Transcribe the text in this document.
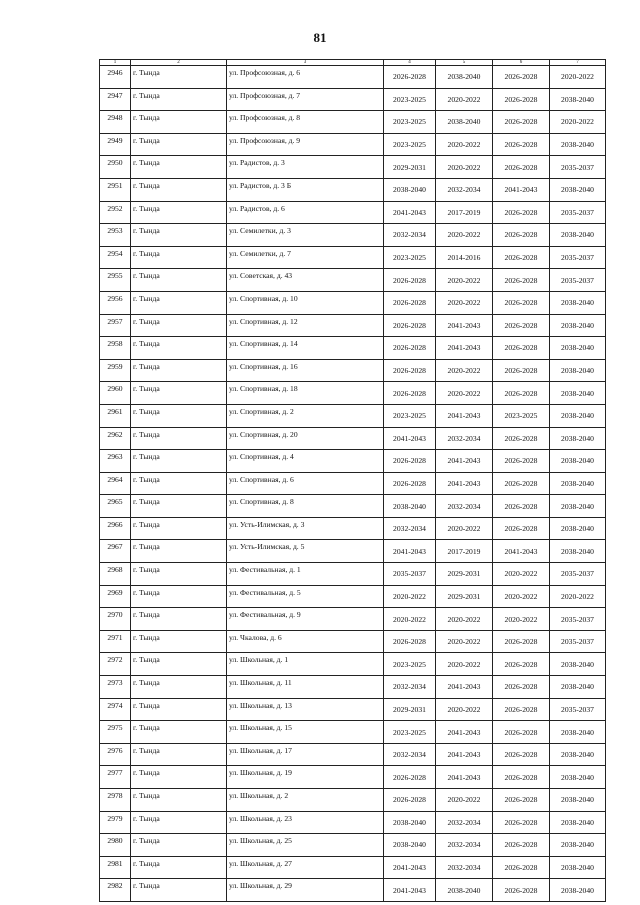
81
1	2	3	4	5	6	7
2946	г. Тында	ул. Профсоюзная, д. 6	2026-2028	2038-2040	2026-2028	2020-2022
2947	г. Тында	ул. Профсоюзная, д. 7	2023-2025	2020-2022	2026-2028	2038-2040
2948	г. Тында	ул. Профсоюзная, д. 8	2023-2025	2038-2040	2026-2028	2020-2022
2949	г. Тында	ул. Профсоюзная, д. 9	2023-2025	2020-2022	2026-2028	2038-2040
2950	г. Тында	ул. Радистов, д. 3	2029-2031	2020-2022	2026-2028	2035-2037
2951	г. Тында	ул. Радистов, д. 3 Б	2038-2040	2032-2034	2041-2043	2038-2040
2952	г. Тында	ул. Радистов, д. 6	2041-2043	2017-2019	2026-2028	2035-2037
2953	г. Тында	ул. Семилетки, д. 3	2032-2034	2020-2022	2026-2028	2038-2040
2954	г. Тында	ул. Семилетки, д. 7	2023-2025	2014-2016	2026-2028	2035-2037
2955	г. Тында	ул. Советская, д. 43	2026-2028	2020-2022	2026-2028	2035-2037
2956	г. Тында	ул. Спортивная, д. 10	2026-2028	2020-2022	2026-2028	2038-2040
2957	г. Тында	ул. Спортивная, д. 12	2026-2028	2041-2043	2026-2028	2038-2040
2958	г. Тында	ул. Спортивная, д. 14	2026-2028	2041-2043	2026-2028	2038-2040
2959	г. Тында	ул. Спортивная, д. 16	2026-2028	2020-2022	2026-2028	2038-2040
2960	г. Тында	ул. Спортивная, д. 18	2026-2028	2020-2022	2026-2028	2038-2040
2961	г. Тында	ул. Спортивная, д. 2	2023-2025	2041-2043	2023-2025	2038-2040
2962	г. Тында	ул. Спортивная, д. 20	2041-2043	2032-2034	2026-2028	2038-2040
2963	г. Тында	ул. Спортивная, д. 4	2026-2028	2041-2043	2026-2028	2038-2040
2964	г. Тында	ул. Спортивная, д. 6	2026-2028	2041-2043	2026-2028	2038-2040
2965	г. Тында	ул. Спортивная, д. 8	2038-2040	2032-2034	2026-2028	2038-2040
2966	г. Тында	ул. Усть-Илимская, д. 3	2032-2034	2020-2022	2026-2028	2038-2040
2967	г. Тында	ул. Усть-Илимская, д. 5	2041-2043	2017-2019	2041-2043	2038-2040
2968	г. Тында	ул. Фестивальная, д. 1	2035-2037	2029-2031	2020-2022	2035-2037
2969	г. Тында	ул. Фестивальная, д. 5	2020-2022	2029-2031	2020-2022	2020-2022
2970	г. Тында	ул. Фестивальная, д. 9	2020-2022	2020-2022	2020-2022	2035-2037
2971	г. Тында	ул. Чкалова, д. 6	2026-2028	2020-2022	2026-2028	2035-2037
2972	г. Тында	ул. Школьная, д. 1	2023-2025	2020-2022	2026-2028	2038-2040
2973	г. Тында	ул. Школьная, д. 11	2032-2034	2041-2043	2026-2028	2038-2040
2974	г. Тында	ул. Школьная, д. 13	2029-2031	2020-2022	2026-2028	2035-2037
2975	г. Тында	ул. Школьная, д. 15	2023-2025	2041-2043	2026-2028	2038-2040
2976	г. Тында	ул. Школьная, д. 17	2032-2034	2041-2043	2026-2028	2038-2040
2977	г. Тында	ул. Школьная, д. 19	2026-2028	2041-2043	2026-2028	2038-2040
2978	г. Тында	ул. Школьная, д. 2	2026-2028	2020-2022	2026-2028	2038-2040
2979	г. Тында	ул. Школьная, д. 23	2038-2040	2032-2034	2026-2028	2038-2040
2980	г. Тында	ул. Школьная, д. 25	2038-2040	2032-2034	2026-2028	2038-2040
2981	г. Тында	ул. Школьная, д. 27	2041-2043	2032-2034	2026-2028	2038-2040
2982	г. Тында	ул. Школьная, д. 29	2041-2043	2038-2040	2026-2028	2038-2040
